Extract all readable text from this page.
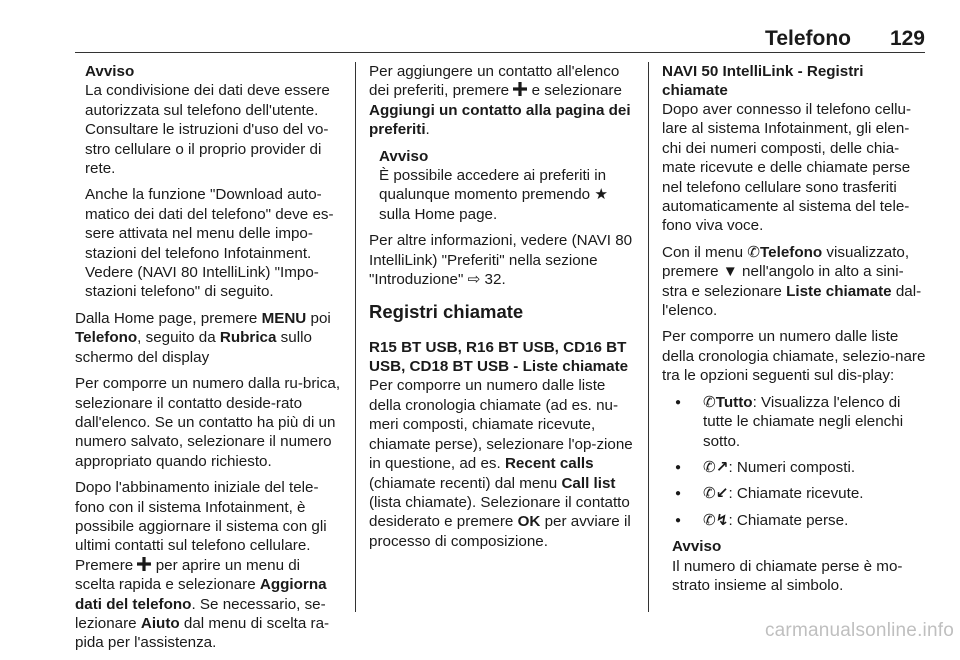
Telefono 129
Avviso

La condivisione dei dati deve essere autorizzata sul telefono dell'utente. Consultare le istruzioni d'uso del vo-stro cellulare o il proprio provider di rete.

Anche la funzione "Download auto-matico dei dati del telefono" deve es-sere attivata nel menu delle impo-stazioni del telefono Infotainment. Vedere (NAVI 80 IntelliLink) "Impo-stazioni telefono" di seguito.

Dalla Home page, premere MENU poi Telefono, seguito da Rubrica sullo schermo del display

Per comporre un numero dalla ru-brica, selezionare il contatto deside-rato dall'elenco. Se un contatto ha più di un numero salvato, selezionare il numero appropriato quando richiesto.

Dopo l'abbinamento iniziale del tele-fono con il sistema Infotainment, è possibile aggiornare il sistema con gli ultimi contatti sul telefono cellulare. Premere  per aprire un menu di scelta rapida e selezionare Aggiorna dati del telefono. Se necessario, se-lezionare Aiuto dal menu di scelta ra-pida per l'assistenza.

Per aggiungere un contatto all'elenco dei preferiti, premere  e selezionare Aggiungi un contatto alla pagina dei preferiti.

Avviso

È possibile accedere ai preferiti in qualunque momento premendo ★ sulla Home page.

Per altre informazioni, vedere (NAVI 80 IntelliLink) "Preferiti" nella sezione "Introduzione" ⇨ 32.

Registri chiamate
R15 BT USB, R16 BT USB, CD16 BT USB, CD18 BT USB - Liste chiamate

Per comporre un numero dalle liste della cronologia chiamate (ad es. nu-meri composti, chiamate ricevute, chiamate perse), selezionare l'op-zione in questione, ad es. Recent calls (chiamate recenti) dal menu Call list (lista chiamate). Selezionare il contatto desiderato e premere OK per avviare il processo di composizione.

NAVI 50 IntelliLink - Registri chiamate

Dopo aver connesso il telefono cellu-lare al sistema Infotainment, gli elen-chi dei numeri composti, delle chia-mate ricevute e delle chiamate perse nel telefono cellulare sono trasferiti automaticamente al sistema del tele-fono viva voce.

Con il menu ✆Telefono visualizzato, premere ▼ nell'angolo in alto a sini-stra e selezionare Liste chiamate dal-l'elenco.

Per comporre un numero dalle liste della cronologia chiamate, selezio-nare tra le opzioni seguenti sul dis-play:

● ✆Tutto: Visualizza l'elenco di tutte le chiamate negli elenchi sotto.
● ✆↗: Numeri composti.
● ✆↙: Chiamate ricevute.
● ✆↯: Chiamate perse.
Avviso

Il numero di chiamate perse è mo-strato insieme al simbolo.

carmanualsonline.info
